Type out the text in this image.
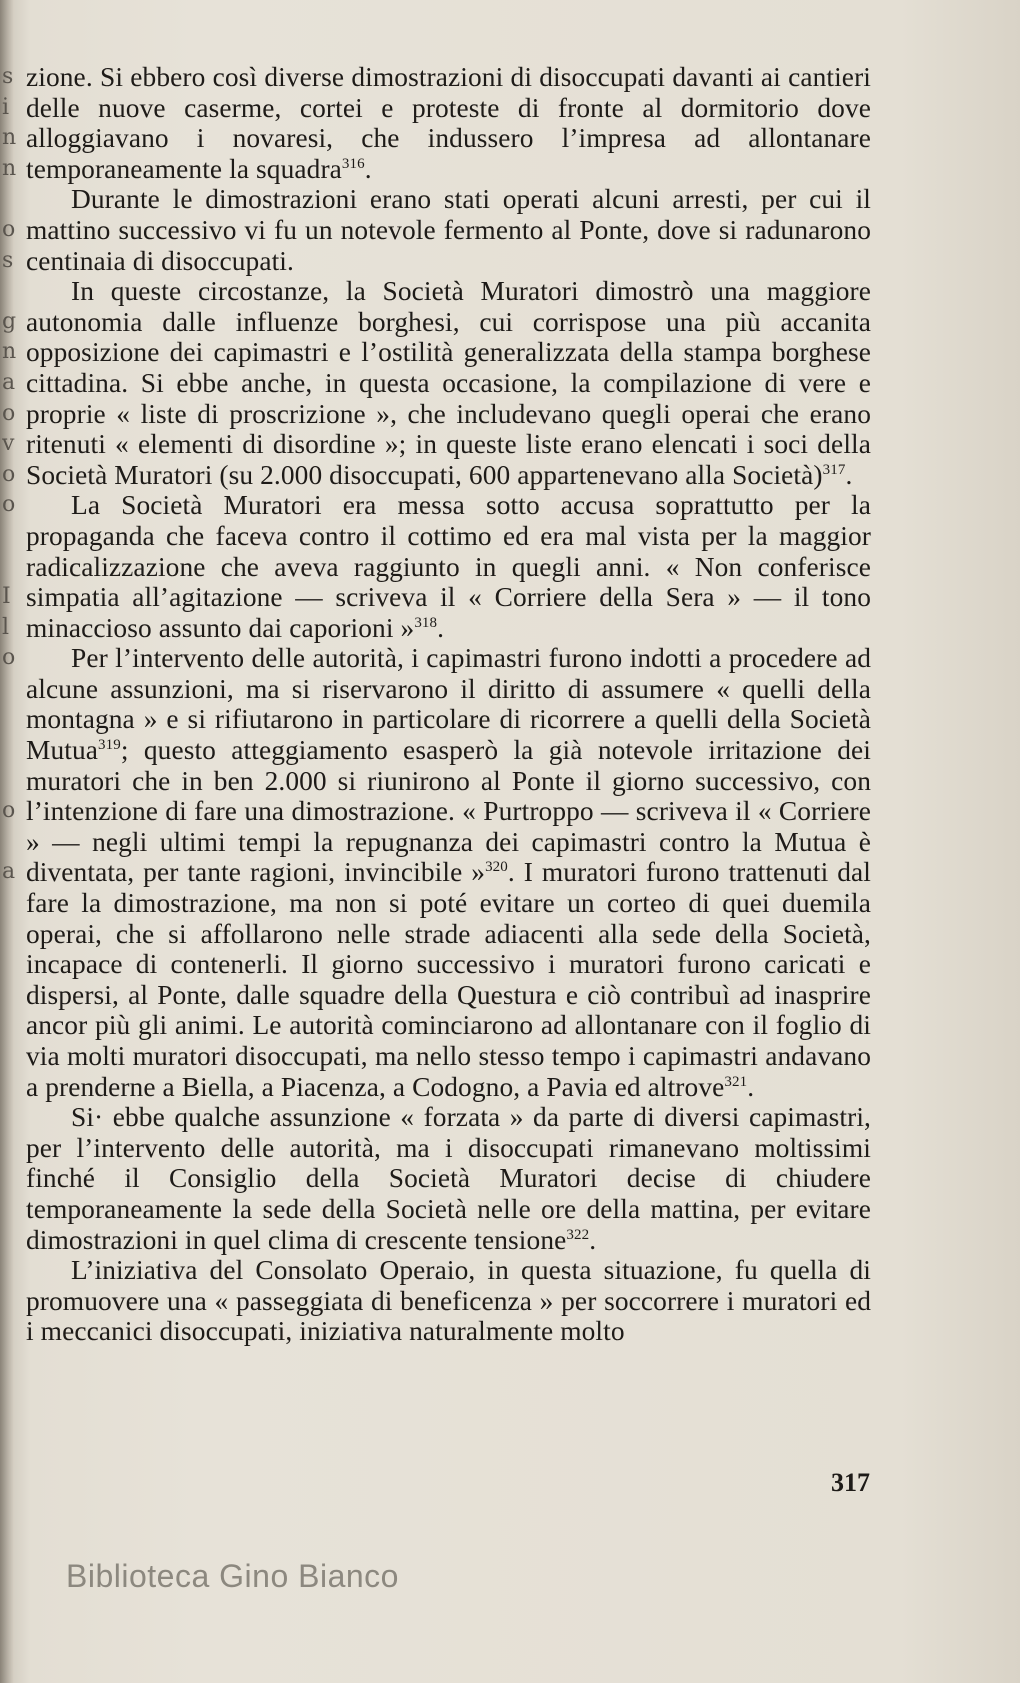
s
i
n
n
o
s
g
n
a
o
v
o
o
I
l
o
o
a

zione. Si ebbero così diverse dimostrazioni di disoccupati davanti ai cantieri delle nuove caserme, cortei e proteste di fronte al dormitorio dove alloggiavano i novaresi, che indussero l’impresa ad allontanare temporaneamente la squadra$^{316}$.

Durante le dimostrazioni erano stati operati alcuni arresti, per cui il mattino successivo vi fu un notevole fermento al Ponte, dove si radunarono centinaia di disoccupati.

In queste circostanze, la Società Muratori dimostrò una maggiore autonomia dalle influenze borghesi, cui corrispose una più accanita opposizione dei capimastri e l’ostilità generalizzata della stampa borghese cittadina. Si ebbe anche, in questa occasione, la compilazione di vere e proprie « liste di proscrizione », che includevano quegli operai che erano ritenuti « elementi di disordine »; in queste liste erano elencati i soci della Società Muratori (su 2.000 disoccupati, 600 appartenevano alla Società)$^{317}$.

La Società Muratori era messa sotto accusa soprattutto per la propaganda che faceva contro il cottimo ed era mal vista per la maggior radicalizzazione che aveva raggiunto in quegli anni. « Non conferisce simpatia all’agitazione — scriveva il « Corriere della Sera » — il tono minaccioso assunto dai caporioni »$^{318}$.

Per l’intervento delle autorità, i capimastri furono indotti a procedere ad alcune assunzioni, ma si riservarono il diritto di assumere « quelli della montagna » e si rifiutarono in particolare di ricorrere a quelli della Società Mutua$^{319}$; questo atteggiamento esasperò la già notevole irritazione dei muratori che in ben 2.000 si riunirono al Ponte il giorno successivo, con l’intenzione di fare una dimostrazione. « Purtroppo — scriveva il « Corriere » — negli ultimi tempi la repugnanza dei capimastri contro la Mutua è diventata, per tante ragioni, invincibile »$^{320}$. I muratori furono trattenuti dal fare la dimostrazione, ma non si poté evitare un corteo di quei duemila operai, che si affollarono nelle strade adiacenti alla sede della Società, incapace di contenerli. Il giorno successivo i muratori furono caricati e dispersi, al Ponte, dalle squadre della Questura e ciò contribuì ad inasprire ancor più gli animi. Le autorità cominciarono ad allontanare con il foglio di via molti muratori disoccupati, ma nello stesso tempo i capimastri andavano a prenderne a Biella, a Piacenza, a Codogno, a Pavia ed altrove$^{321}$.

Si· ebbe qualche assunzione « forzata » da parte di diversi capimastri, per l’intervento delle autorità, ma i disoccupati rimanevano moltissimi finché il Consiglio della Società Muratori decise di chiudere temporaneamente la sede della Società nelle ore della mattina, per evitare dimostrazioni in quel clima di crescente tensione$^{322}$.

L’iniziativa del Consolato Operaio, in questa situazione, fu quella di promuovere una « passeggiata di beneficenza » per soccorrere i muratori ed i meccanici disoccupati, iniziativa naturalmente molto

317
Biblioteca Gino Bianco
